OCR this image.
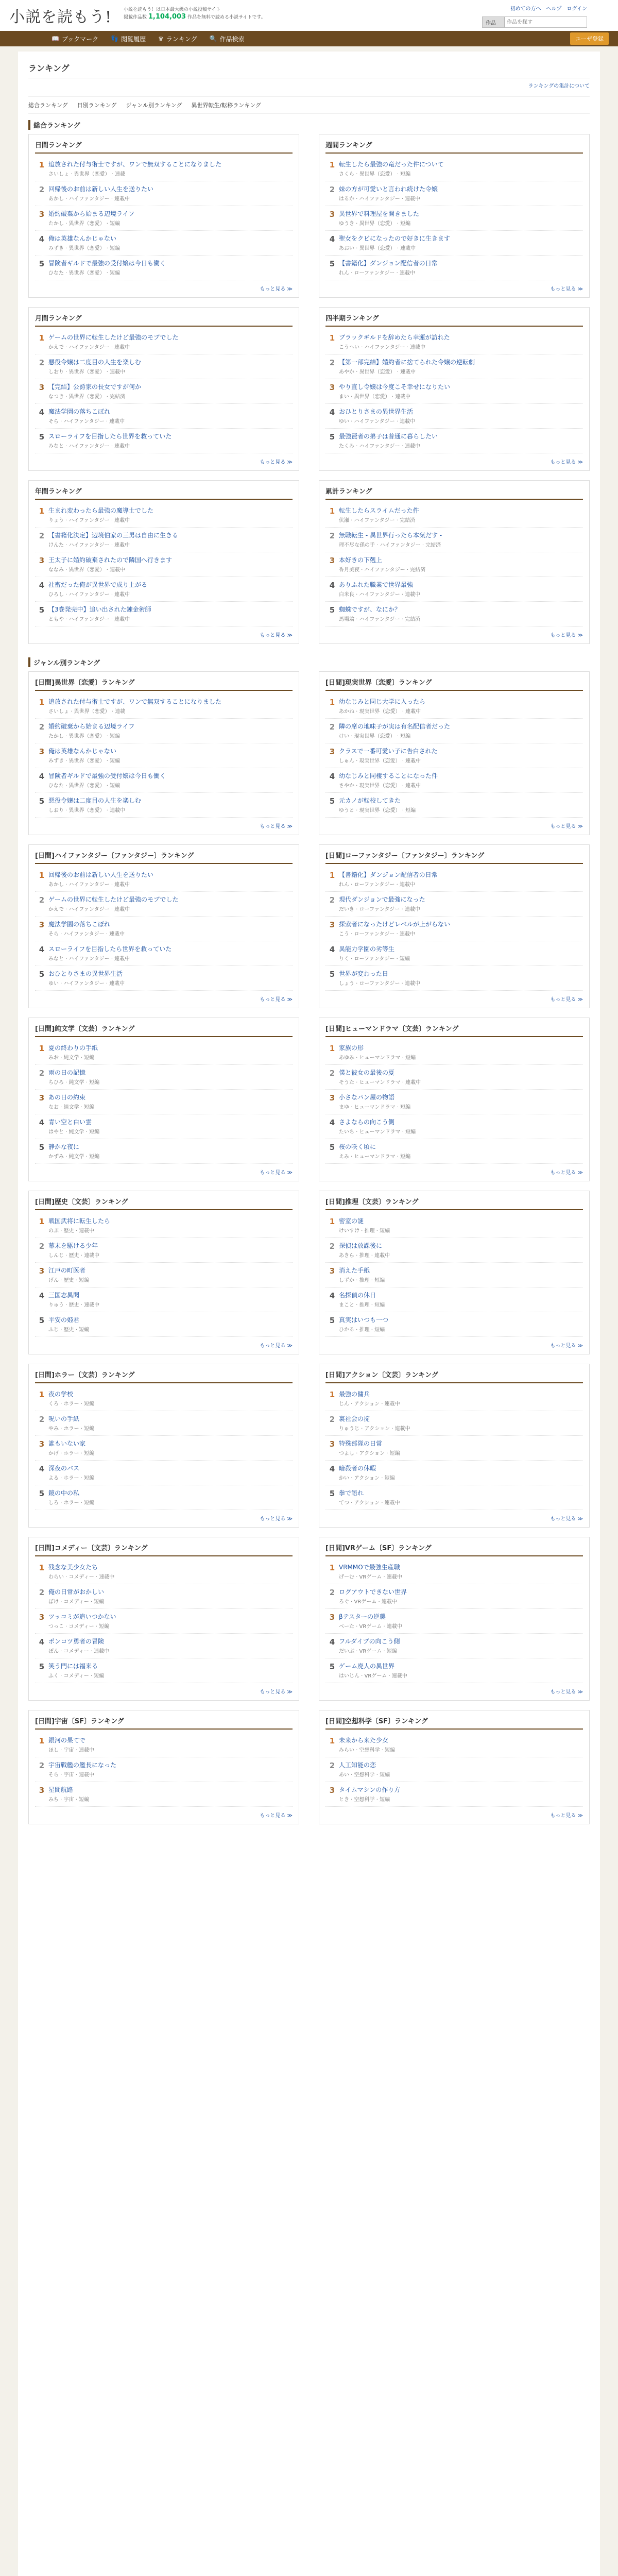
小説を読もう!	小説を読もう！は日本最大級の小説投稿サイト
掲載作品数 1,104,003 作品を無料で読める小説サイトです。
初めての方へ ヘルプ ログイン
作品
作品を探す
📖 ブックマーク 👣 閲覧履歴 ♛ ランキング 🔍 作品検索	ユーザ登録
ランキング
ランキングの集計について
総合ランキング 日別ランキング ジャンル別ランキング 異世界転生/転移ランキング
総合ランキング
日間ランキング
1 追放された付与術士ですが、ワンで無双することになりました
さいしょ · 異世界（恋愛） · 連載
2 回帰後のお前は新しい人生を送りたい
あかし · ハイファンタジー · 連載中
3 婚約破棄から始まる辺境ライフ
たかし · 異世界（恋愛） · 短編
4 俺は英雄なんかじゃない
みずき · 異世界（恋愛） · 短編
5 冒険者ギルドで最強の受付嬢は今日も働く
ひなた · 異世界（恋愛） · 短編
もっと見る ≫
週間ランキング
1 転生したら最強の竜だった件について
さくら · 異世界（恋愛） · 短編
2 妹の方が可愛いと言われ続けた令嬢
はるか · ハイファンタジー · 連載中
3 異世界で料理屋を開きました
ゆうき · 異世界（恋愛） · 短編
4 聖女をクビになったので好きに生きます
あおい · 異世界（恋愛） · 連載中
5 【書籍化】ダンジョン配信者の日常
れん · ローファンタジー · 連載中
もっと見る ≫
月間ランキング
1 ゲームの世界に転生したけど最強のモブでした
かえで · ハイファンタジー · 連載中
2 悪役令嬢は二度目の人生を楽しむ
しおり · 異世界（恋愛） · 連載中
3 【完結】公爵家の長女ですが何か
なつき · 異世界（恋愛） · 完結済
4 魔法学園の落ちこぼれ
そら · ハイファンタジー · 連載中
5 スローライフを目指したら世界を救っていた
みなと · ハイファンタジー · 連載中
もっと見る ≫
四半期ランキング
1 ブラックギルドを辞めたら幸運が訪れた
こうへい · ハイファンタジー · 連載中
2 【第一部完結】婚約者に捨てられた令嬢の逆転劇
あやか · 異世界（恋愛） · 連載中
3 やり直し令嬢は今度こそ幸せになりたい
まい · 異世界（恋愛） · 連載中
4 おひとりさまの異世界生活
ゆい · ハイファンタジー · 連載中
5 最強賢者の弟子は普通に暮らしたい
たくみ · ハイファンタジー · 連載中
もっと見る ≫
年間ランキング
1 生まれ変わったら最強の魔導士でした
りょう · ハイファンタジー · 連載中
2 【書籍化決定】辺境伯家の三男は自由に生きる
けんた · ハイファンタジー · 連載中
3 王太子に婚約破棄されたので隣国へ行きます
ななみ · 異世界（恋愛） · 連載中
4 社畜だった俺が異世界で成り上がる
ひろし · ハイファンタジー · 連載中
5 【3巻発売中】追い出された錬金術師
ともや · ハイファンタジー · 連載中
もっと見る ≫
累計ランキング
1 転生したらスライムだった件
伏瀬 · ハイファンタジー · 完結済
2 無職転生 ‐ 異世界行ったら本気だす ‐
理不尽な孫の手 · ハイファンタジー · 完結済
3 本好きの下剋上
香月美夜 · ハイファンタジー · 完結済
4 ありふれた職業で世界最強
白米良 · ハイファンタジー · 連載中
5 蜘蛛ですが、なにか？
馬場翁 · ハイファンタジー · 完結済
もっと見る ≫
ジャンル別ランキング
[日間]異世界〔恋愛〕ランキング
1 追放された付与術士ですが、ワンで無双することになりました
さいしょ · 異世界（恋愛） · 連載
2 婚約破棄から始まる辺境ライフ
たかし · 異世界（恋愛） · 短編
3 俺は英雄なんかじゃない
みずき · 異世界（恋愛） · 短編
4 冒険者ギルドで最強の受付嬢は今日も働く
ひなた · 異世界（恋愛） · 短編
5 悪役令嬢は二度目の人生を楽しむ
しおり · 異世界（恋愛） · 連載中
もっと見る ≫
[日間]現実世界〔恋愛〕ランキング
1 幼なじみと同じ大学に入ったら
あかね · 現実世界（恋愛） · 連載中
2 隣の席の地味子が実は有名配信者だった
けい · 現実世界（恋愛） · 短編
3 クラスで一番可愛い子に告白された
しゅん · 現実世界（恋愛） · 連載中
4 幼なじみと同棲することになった件
さやか · 現実世界（恋愛） · 連載中
5 元カノが転校してきた
ゆうと · 現実世界（恋愛） · 短編
もっと見る ≫
[日間]ハイファンタジー〔ファンタジー〕ランキング
1 回帰後のお前は新しい人生を送りたい
あかし · ハイファンタジー · 連載中
2 ゲームの世界に転生したけど最強のモブでした
かえで · ハイファンタジー · 連載中
3 魔法学園の落ちこぼれ
そら · ハイファンタジー · 連載中
4 スローライフを目指したら世界を救っていた
みなと · ハイファンタジー · 連載中
5 おひとりさまの異世界生活
ゆい · ハイファンタジー · 連載中
もっと見る ≫
[日間]ローファンタジー〔ファンタジー〕ランキング
1 【書籍化】ダンジョン配信者の日常
れん · ローファンタジー · 連載中
2 現代ダンジョンで最強になった
だいき · ローファンタジー · 連載中
3 探索者になったけどレベルが上がらない
こう · ローファンタジー · 連載中
4 異能力学園の劣等生
りく · ローファンタジー · 短編
5 世界が変わった日
しょう · ローファンタジー · 連載中
もっと見る ≫
[日間]純文学〔文芸〕ランキング
1 夏の終わりの手紙
みお · 純文学 · 短編
2 雨の日の記憶
ちひろ · 純文学 · 短編
3 あの日の約束
なお · 純文学 · 短編
4 青い空と白い雲
はやと · 純文学 · 短編
5 静かな夜に
かずみ · 純文学 · 短編
もっと見る ≫
[日間]ヒューマンドラマ〔文芸〕ランキング
1 家族の形
あゆみ · ヒューマンドラマ · 短編
2 僕と彼女の最後の夏
そうた · ヒューマンドラマ · 連載中
3 小さなパン屋の物語
まゆ · ヒューマンドラマ · 短編
4 さよならの向こう側
たいち · ヒューマンドラマ · 短編
5 桜の咲く頃に
えみ · ヒューマンドラマ · 短編
もっと見る ≫
[日間]歴史〔文芸〕ランキング
1 戦国武将に転生したら
のぶ · 歴史 · 連載中
2 幕末を駆ける少年
しんじ · 歴史 · 連載中
3 江戸の町医者
げん · 歴史 · 短編
4 三国志異聞
りゅう · 歴史 · 連載中
5 平安の姫君
ふじ · 歴史 · 短編
もっと見る ≫
[日間]推理〔文芸〕ランキング
1 密室の謎
けいすけ · 推理 · 短編
2 探偵は放課後に
あきら · 推理 · 連載中
3 消えた手紙
しずか · 推理 · 短編
4 名探偵の休日
まこと · 推理 · 短編
5 真実はいつも一つ
ひかる · 推理 · 短編
もっと見る ≫
[日間]ホラー〔文芸〕ランキング
1 夜の学校
くろ · ホラー · 短編
2 呪いの手紙
やみ · ホラー · 短編
3 誰もいない家
かげ · ホラー · 短編
4 深夜のバス
よる · ホラー · 短編
5 鏡の中の私
しろ · ホラー · 短編
もっと見る ≫
[日間]アクション〔文芸〕ランキング
1 最強の傭兵
じん · アクション · 連載中
2 裏社会の掟
りゅうじ · アクション · 連載中
3 特殊部隊の日常
つよし · アクション · 短編
4 暗殺者の休暇
かい · アクション · 短編
5 拳で語れ
てつ · アクション · 連載中
もっと見る ≫
[日間]コメディー〔文芸〕ランキング
1 残念な美少女たち
わらい · コメディー · 連載中
2 俺の日常がおかしい
ぼけ · コメディー · 短編
3 ツッコミが追いつかない
つっこ · コメディー · 短編
4 ポンコツ勇者の冒険
ぽん · コメディー · 連載中
5 笑う門には福来る
ふく · コメディー · 短編
もっと見る ≫
[日間]VRゲーム〔SF〕ランキング
1 VRMMOで最強生産職
げーむ · VRゲーム · 連載中
2 ログアウトできない世界
ろぐ · VRゲーム · 連載中
3 βテスターの逆襲
べーた · VRゲーム · 連載中
4 フルダイブの向こう側
だいぶ · VRゲーム · 短編
5 ゲーム廃人の異世界
はいじん · VRゲーム · 連載中
もっと見る ≫
[日間]宇宙〔SF〕ランキング
1 銀河の果てで
ほし · 宇宙 · 連載中
2 宇宙戦艦の艦長になった
そら · 宇宙 · 連載中
3 星間航路
みち · 宇宙 · 短編
もっと見る ≫
[日間]空想科学〔SF〕ランキング
1 未来から来た少女
みらい · 空想科学 · 短編
2 人工知能の恋
あい · 空想科学 · 短編
3 タイムマシンの作り方
とき · 空想科学 · 短編
もっと見る ≫
